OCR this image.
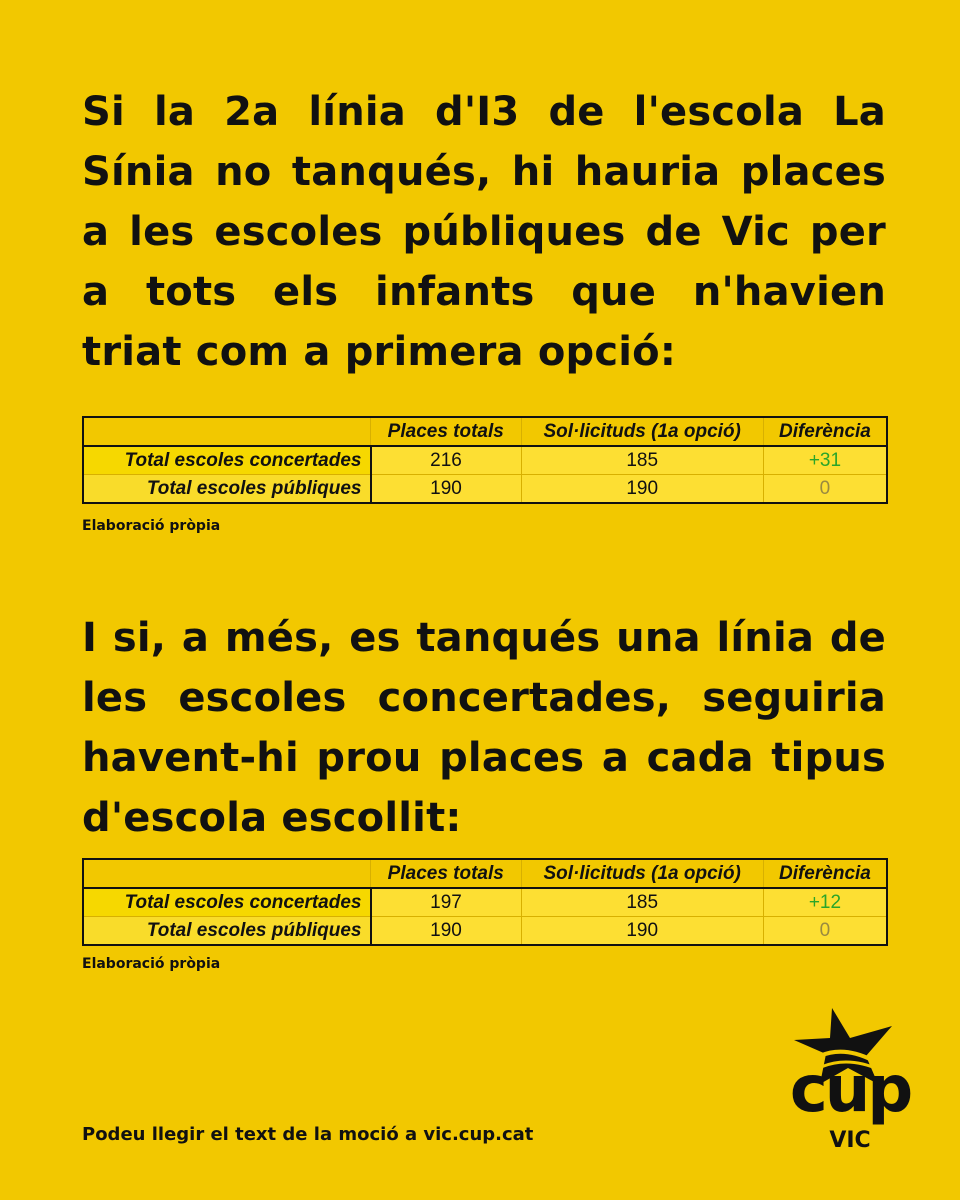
Si la 2a línia d'I3 de l'escola La Sínia no tanqués, hi hauria places a les escoles públiques de Vic per a tots els infants que n'havien triat com a primera opció:

	Places totals	Sol·licituds (1a opció)	Diferència
Total escoles concertades	216	185	+31
Total escoles públiques	190	190	0
Elaboració pròpia

I si, a més, es tanqués una línia de les escoles concertades, seguiria havent-hi prou places a cada tipus d'escola escollit:

	Places totals	Sol·licituds (1a opció)	Diferència
Total escoles concertades	197	185	+12
Total escoles públiques	190	190	0
Elaboració pròpia
Podeu llegir el text de la moció a vic.cup.cat
cup
VIC
